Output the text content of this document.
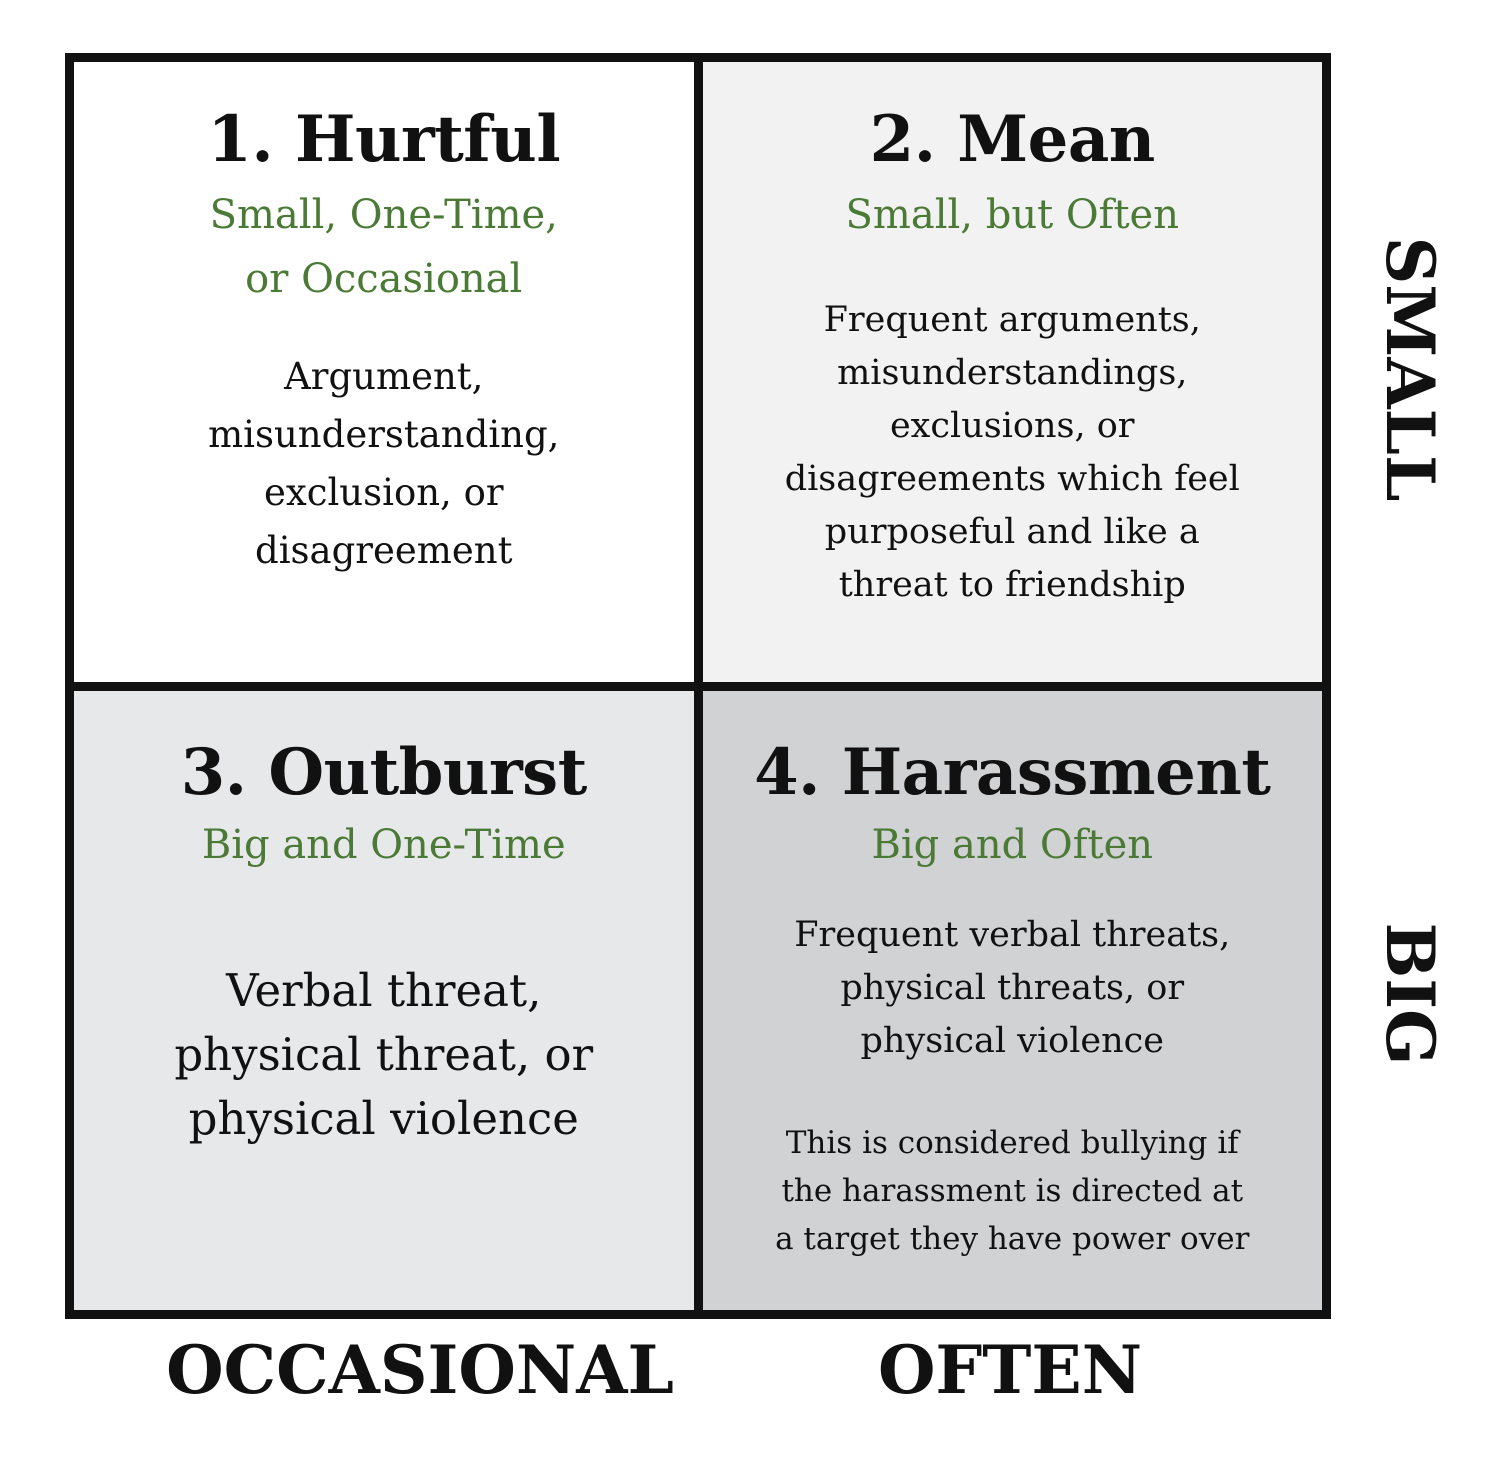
1. Hurtful
Small, One-Time,
or Occasional
Argument,
misunderstanding,
exclusion, or
disagreement
2. Mean
Small, but Often
Frequent arguments,
misunderstandings,
exclusions, or
disagreements which feel
purposeful and like a
threat to friendship
3. Outburst
Big and One-Time
Verbal threat,
physical threat, or
physical violence
4. Harassment
Big and Often
Frequent verbal threats,
physical threats, or
physical violence
This is considered bullying if
the harassment is directed at
a target they have power over
SMALL
BIG
OCCASIONAL	OFTEN
